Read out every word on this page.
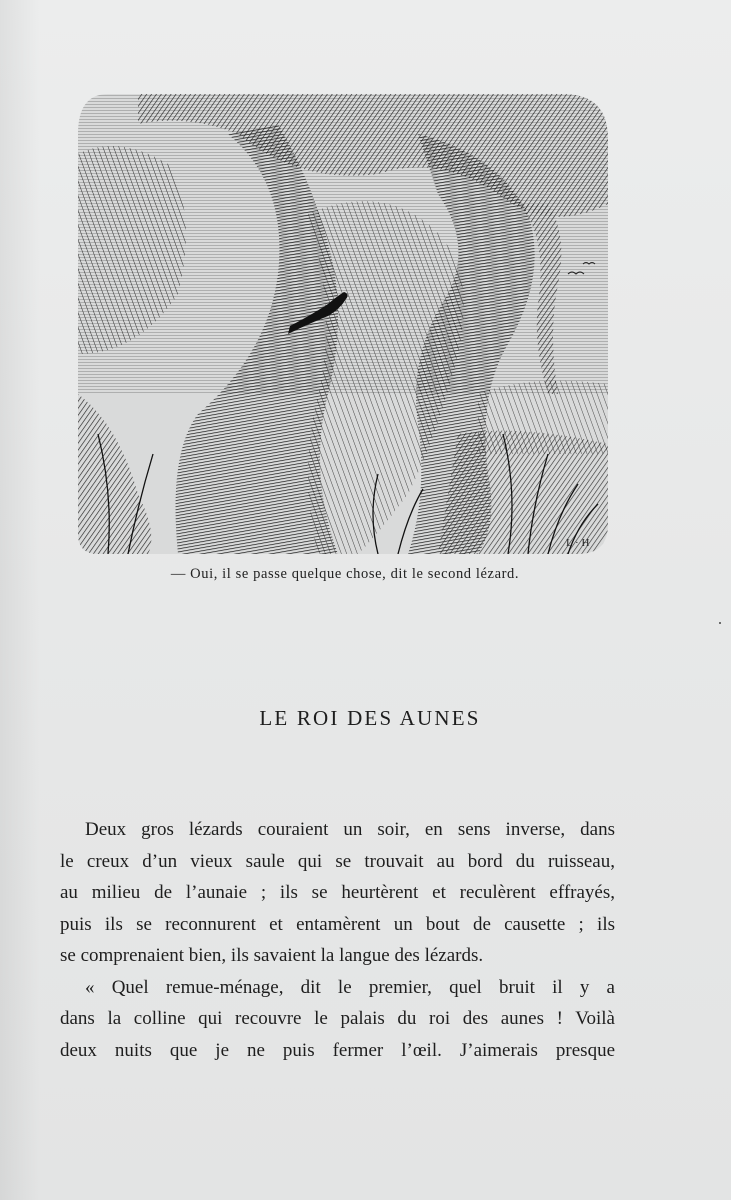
L · H
— Oui, il se passe quelque chose, dit le second lézard.
LE ROI DES AUNES
Deux gros lézards couraient un soir, en sens inverse, dans
le creux d’un vieux saule qui se trouvait au bord du ruisseau,
au milieu de l’aunaie ; ils se heurtèrent et reculèrent effrayés,
puis ils se reconnurent et entamèrent un bout de causette ; ils
se comprenaient bien, ils savaient la langue des lézards.
« Quel remue-ménage, dit le premier, quel bruit il y a
dans la colline qui recouvre le palais du roi des aunes ! Voilà
deux nuits que je ne puis fermer l’œil. J’aimerais presque
